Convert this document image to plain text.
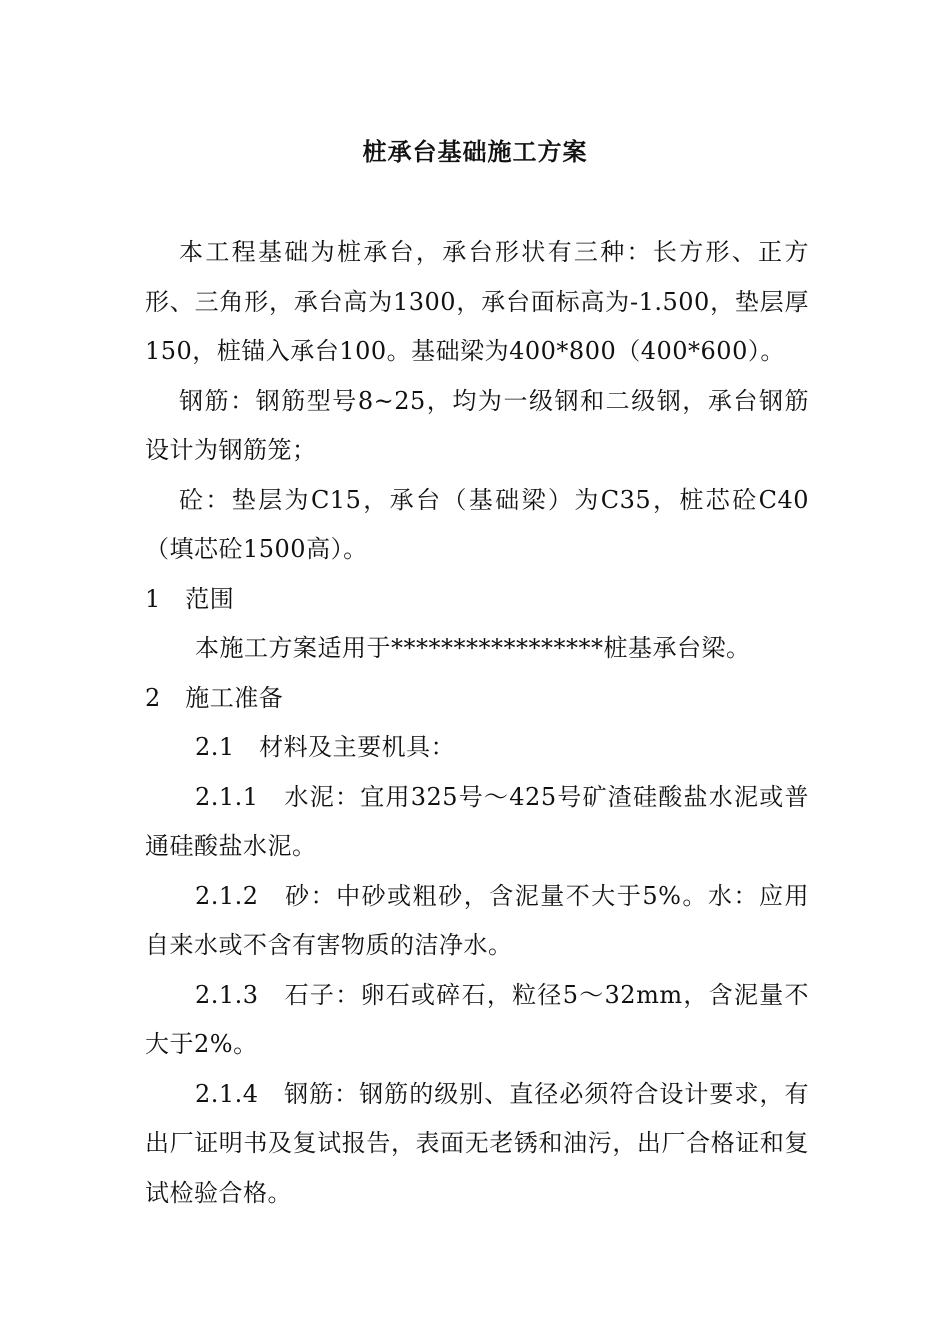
桩承台基础施工方案

本工程基础为桩承台，承台形状有三种：长方形、正方形、三角形，承台高为1300，承台面标高为-1.500，垫层厚150，桩锚入承台100。基础梁为400*800（400*600）。

钢筋：钢筋型号8~25，均为一级钢和二级钢，承台钢筋设计为钢筋笼；

砼：垫层为C15，承台（基础梁）为C35，桩芯砼C40（填芯砼1500高）。

1　范围

本施工方案适用于*****************桩基承台梁。

2　施工准备

2.1　材料及主要机具：

2.1.1　水泥：宜用325号～425号矿渣硅酸盐水泥或普通硅酸盐水泥。

2.1.2　砂：中砂或粗砂，含泥量不大于5%。水：应用自来水或不含有害物质的洁净水。

2.1.3　石子：卵石或碎石，粒径5～32mm，含泥量不大于2%。

2.1.4　钢筋：钢筋的级别、直径必须符合设计要求，有出厂证明书及复试报告，表面无老锈和油污，出厂合格证和复试检验合格。
